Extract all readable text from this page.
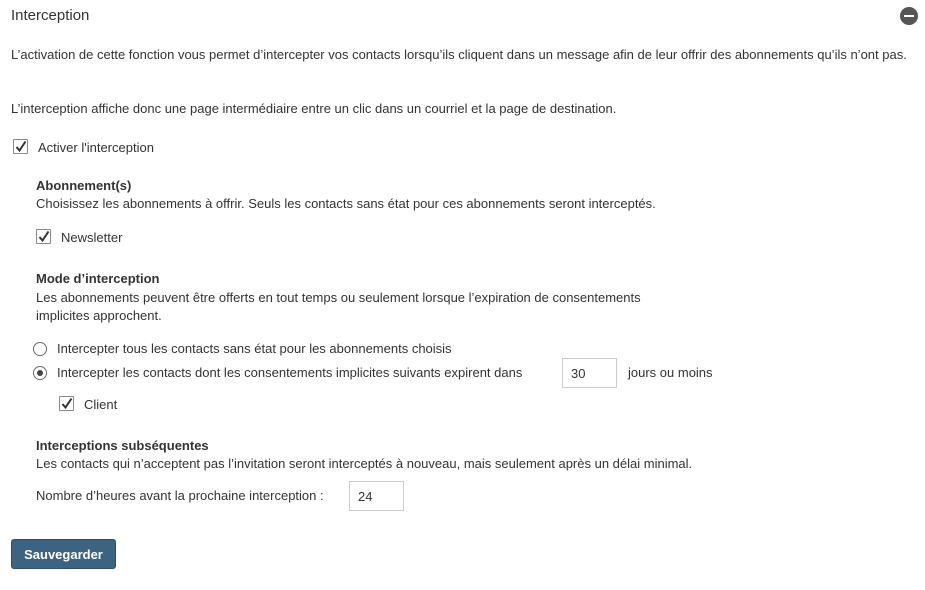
Interception
L’activation de cette fonction vous permet d’intercepter vos contacts lorsqu’ils cliquent dans un message afin de leur offrir des abonnements qu’ils n’ont pas.
L’interception affiche donc une page intermédiaire entre un clic dans un courriel et la page de destination.
Activer l'interception
Abonnement(s)
Choisissez les abonnements à offrir. Seuls les contacts sans état pour ces abonnements seront interceptés.
Newsletter
Mode d’interception
Les abonnements peuvent être offerts en tout temps ou seulement lorsque l’expiration de consentements implicites approchent.
Intercepter tous les contacts sans état pour les abonnements choisis
Intercepter les contacts dont les consentements implicites suivants expirent dans
30	jours ou moins
Client
Interceptions subséquentes
Les contacts qui n’acceptent pas l’invitation seront interceptés à nouveau, mais seulement après un délai minimal.
Nombre d’heures avant la prochaine interception :
24
Sauvegarder
